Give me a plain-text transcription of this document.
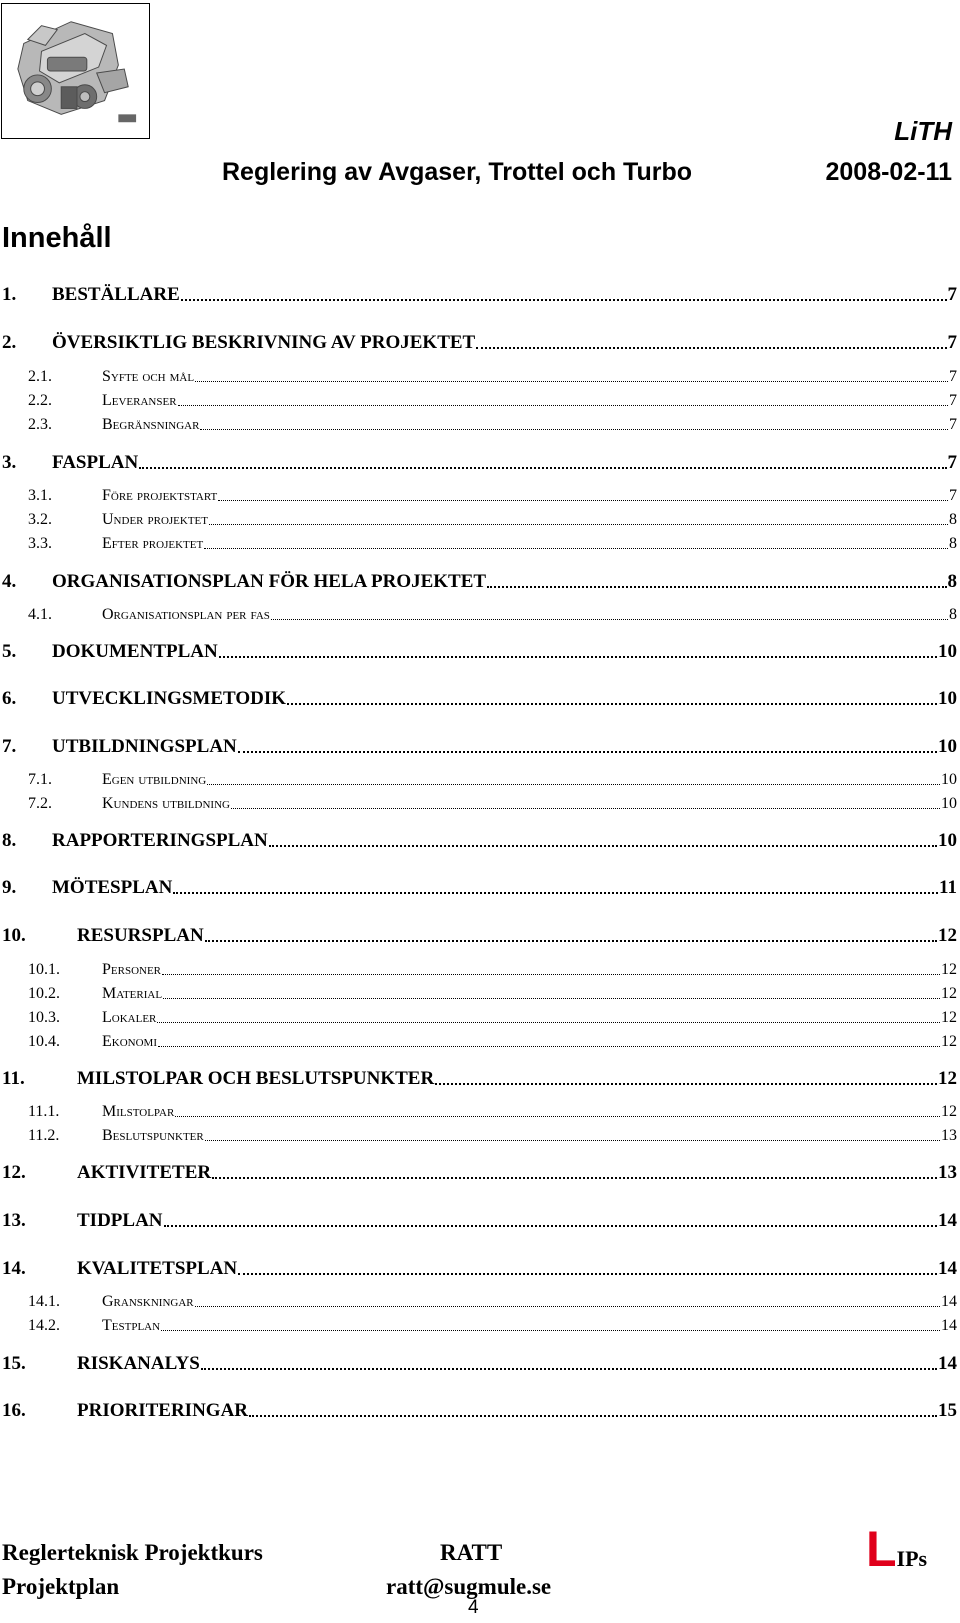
LiTH
Reglering av Avgaser, Trottel och Turbo	2008-02-11
Innehåll
1.	BESTÄLLARE	7
2.	ÖVERSIKTLIG BESKRIVNING AV PROJEKTET	7
2.1.	Syfte och mål	7
2.2.	Leveranser	7
2.3.	Begränsningar	7
3.	FASPLAN	7
3.1.	Före projektstart	7
3.2.	Under projektet	8
3.3.	Efter projektet	8
4.	ORGANISATIONSPLAN FÖR HELA PROJEKTET	8
4.1.	Organisationsplan per fas	8
5.	DOKUMENTPLAN	10
6.	UTVECKLINGSMETODIK	10
7.	UTBILDNINGSPLAN	10
7.1.	Egen utbildning	10
7.2.	Kundens utbildning	10
8.	RAPPORTERINGSPLAN	10
9.	MÖTESPLAN	11
10.	RESURSPLAN	12
10.1.	Personer	12
10.2.	Material	12
10.3.	Lokaler	12
10.4.	Ekonomi	12
11.	MILSTOLPAR OCH BESLUTSPUNKTER	12
11.1.	Milstolpar	12
11.2.	Beslutspunkter	13
12.	AKTIVITETER	13
13.	TIDPLAN	14
14.	KVALITETSPLAN	14
14.1.	Granskningar	14
14.2.	Testplan	14
15.	RISKANALYS	14
16.	PRIORITERINGAR	15
Reglerteknisk Projektkurs
Projektplan
RATT
ratt@sugmule.se
LIPs
4
